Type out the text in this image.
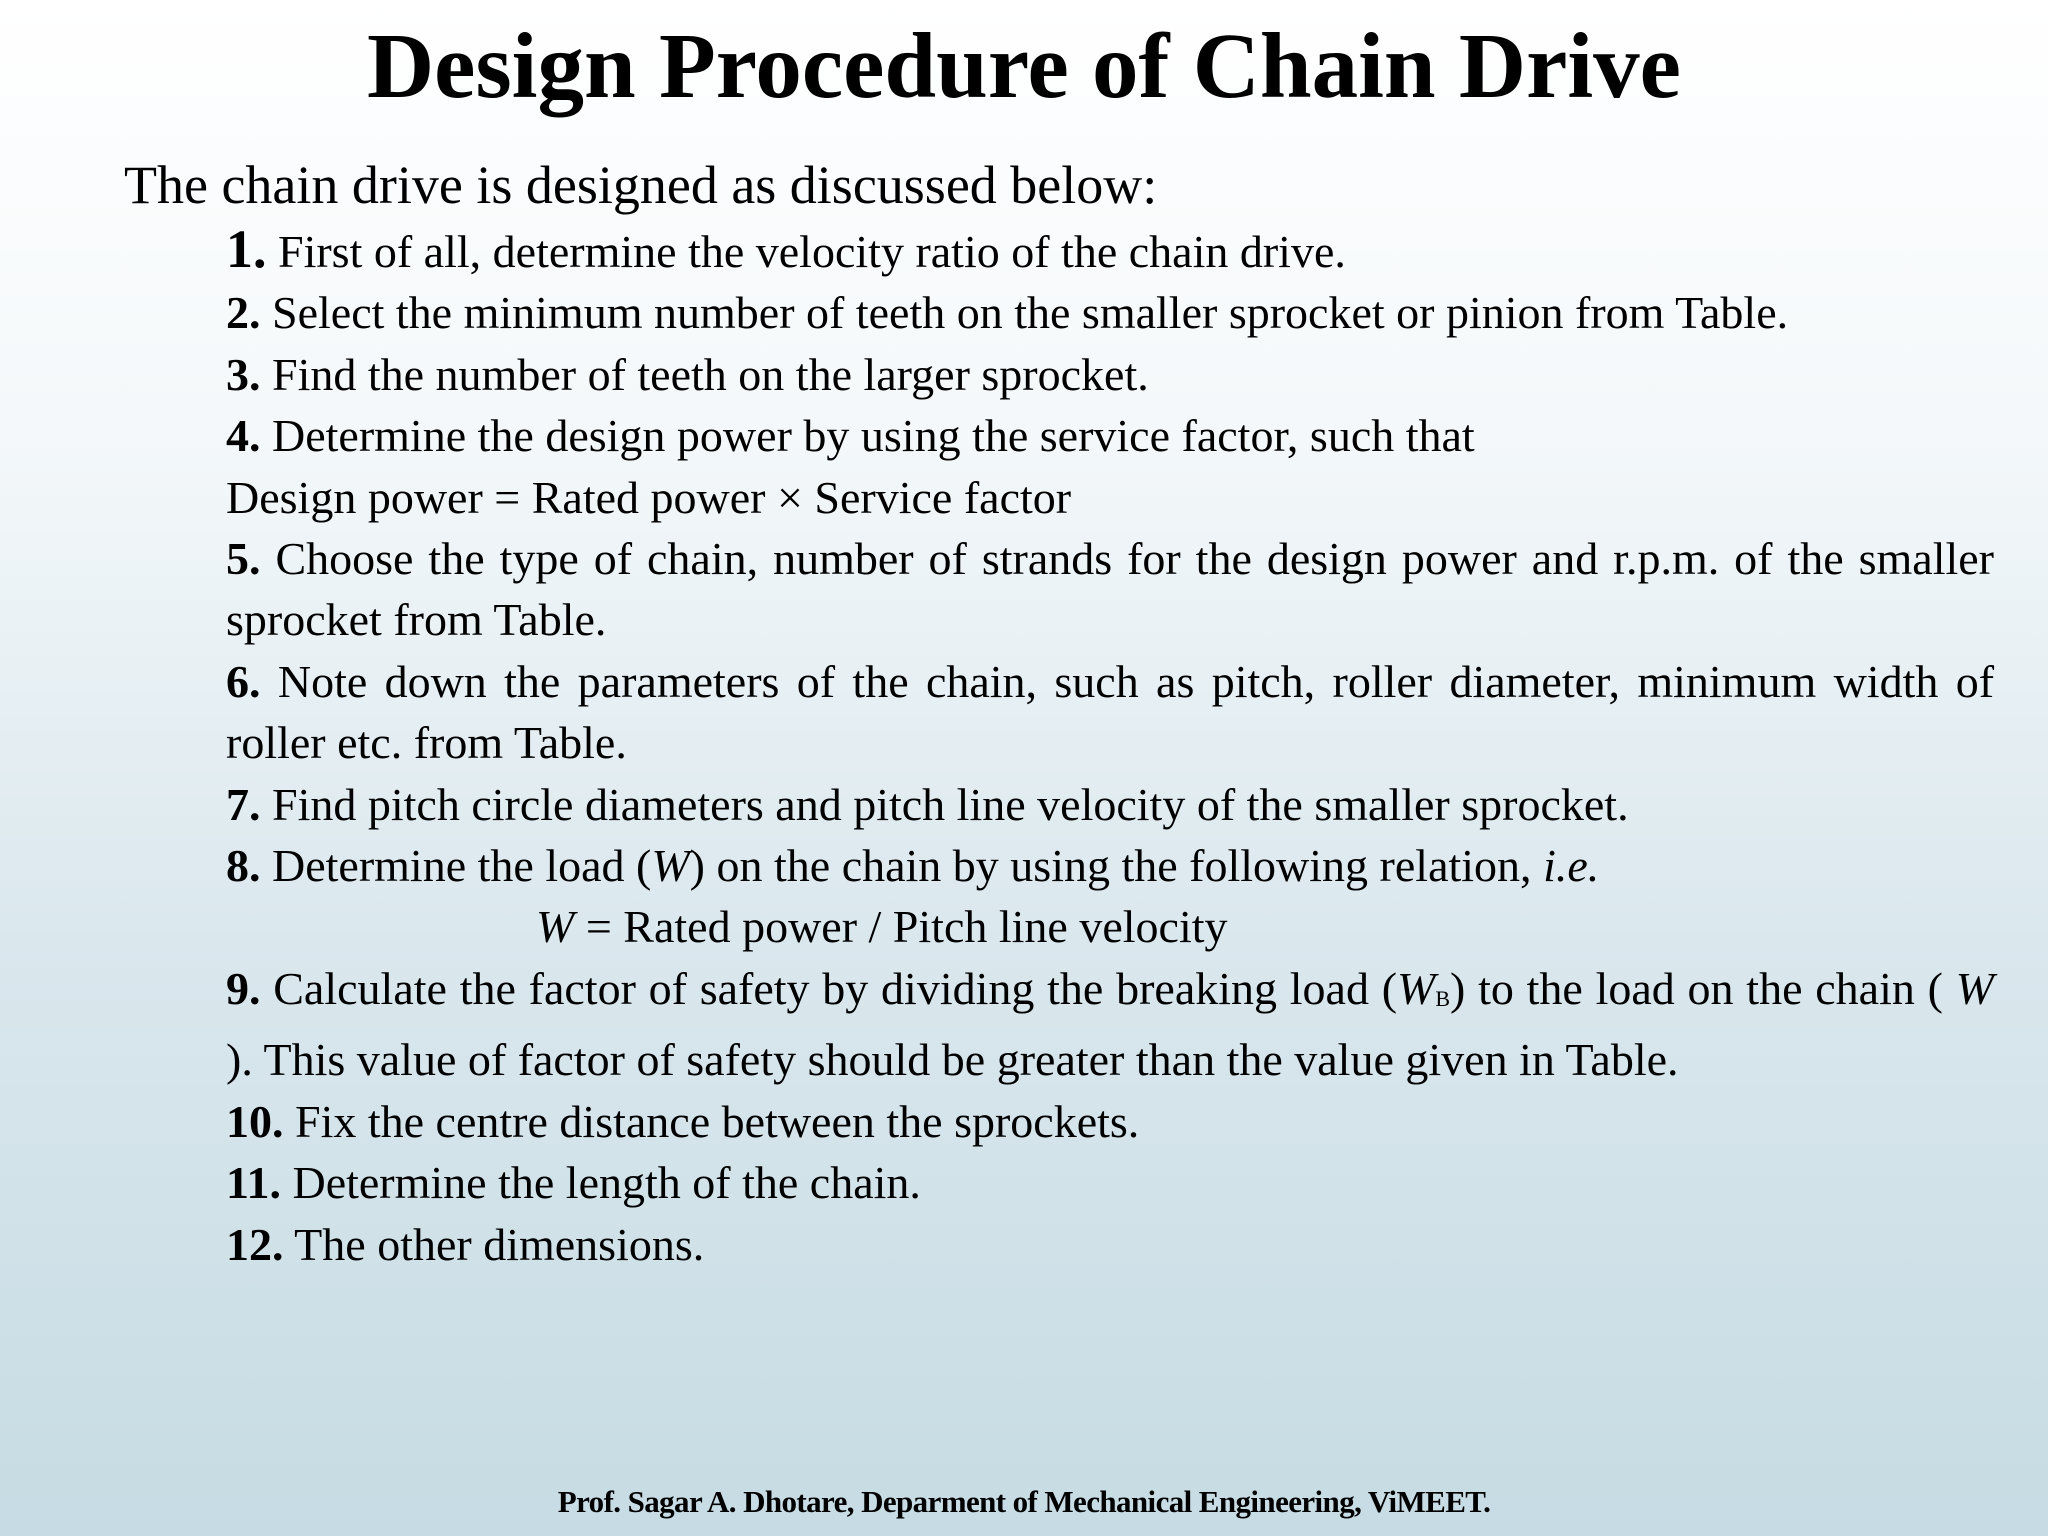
Design Procedure of Chain Drive
The chain drive is designed as discussed below:
1. First of all, determine the velocity ratio of the chain drive.
2. Select the minimum number of teeth on the smaller sprocket or pinion from Table.
3. Find the number of teeth on the larger sprocket.
4. Determine the design power by using the service factor, such that
Design power = Rated power × Service factor
5. Choose the type of chain, number of strands for the design power and r.p.m. of the smaller sprocket from Table.
6. Note down the parameters of the chain, such as pitch, roller diameter, minimum width of roller etc. from Table.
7. Find pitch circle diameters and pitch line velocity of the smaller sprocket.
8. Determine the load (W) on the chain by using the following relation, i.e.
W = Rated power / Pitch line velocity
9. Calculate the factor of safety by dividing the breaking load (WB) to the load on the chain ( W ). This value of factor of safety should be greater than the value given in Table.
10. Fix the centre distance between the sprockets.
11. Determine the length of the chain.
12. The other dimensions.
Prof. Sagar A. Dhotare, Deparment of Mechanical Engineering, ViMEET.
